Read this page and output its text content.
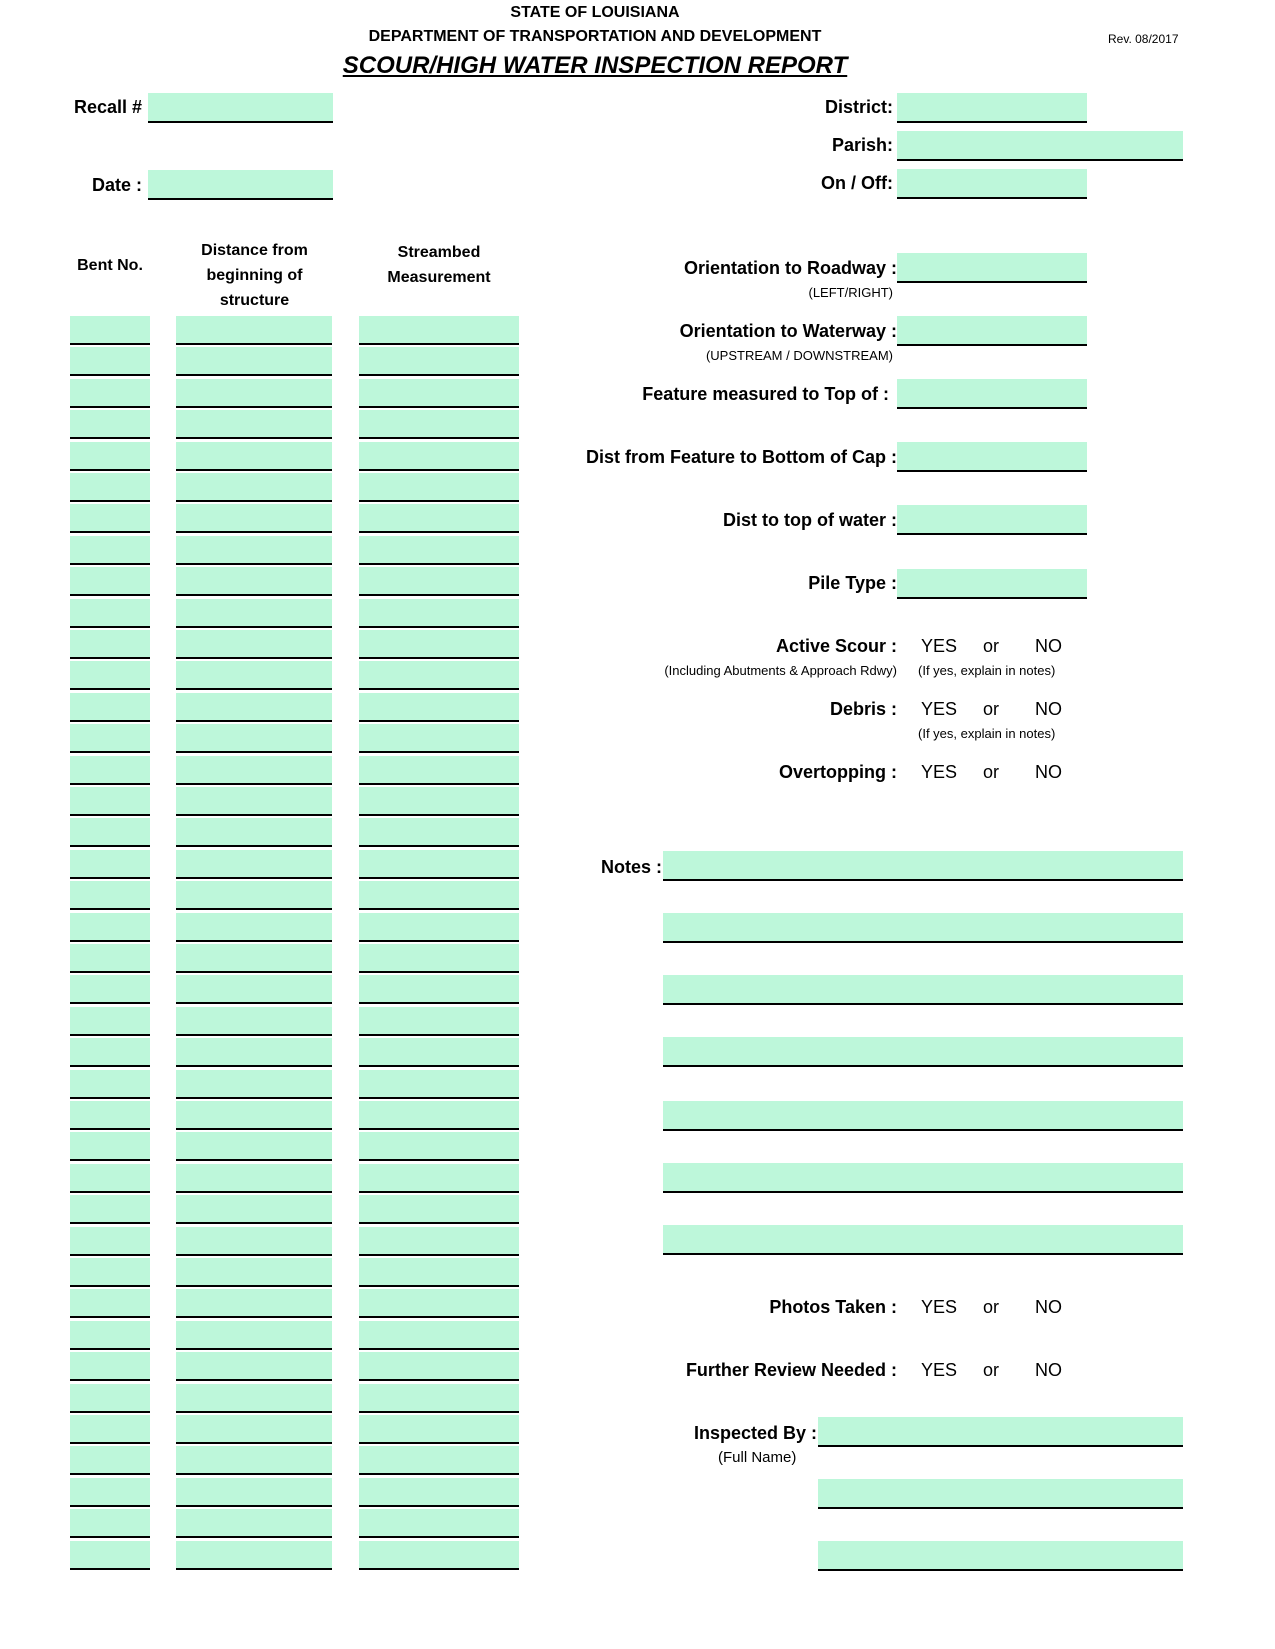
STATE OF LOUISIANA
DEPARTMENT OF TRANSPORTATION AND DEVELOPMENT
SCOUR/HIGH WATER INSPECTION REPORT
Rev. 08/2017
Recall #
Date :
District:
Parish:
On / Off:
Bent No.
Distance from beginning of structure
Streambed Measurement	Orientation to Roadway :
(LEFT/RIGHT)
Orientation to Waterway :
(UPSTREAM / DOWNSTREAM)
Feature measured to Top of :
Dist from Feature to Bottom of Cap :
Dist to top of water :
Pile Type :
Active Scour :
(Including Abutments & Approach Rdwy)
YES or NO
(If yes, explain in notes)
Debris : YES or NO
(If yes, explain in notes)
Overtopping : YES or NO
Notes :
Photos Taken : YES or NO
Further Review Needed : YES or NO
Inspected By :
(Full Name)
